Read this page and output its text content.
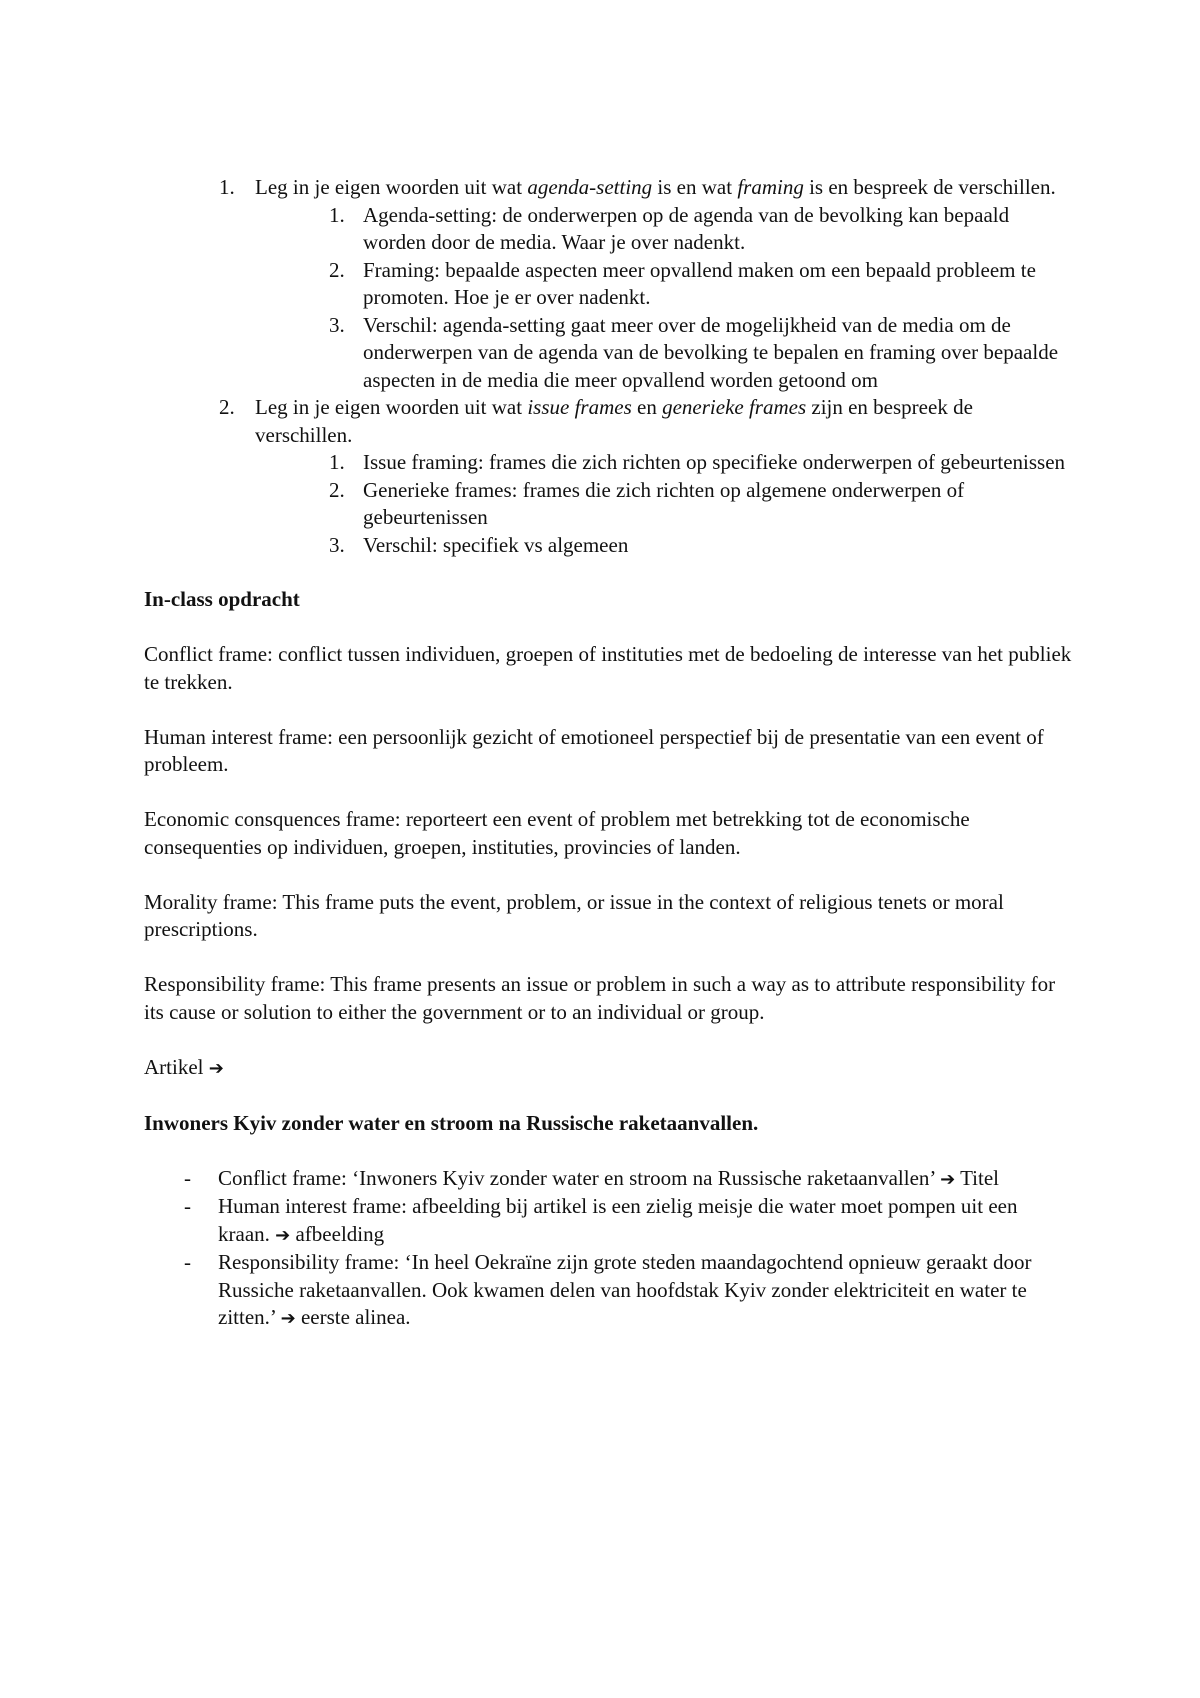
1. Leg in je eigen woorden uit wat agenda-setting is en wat framing is en bespreek de verschillen.
1. Agenda-setting: de onderwerpen op de agenda van de bevolking kan bepaald worden door de media. Waar je over nadenkt.
2. Framing: bepaalde aspecten meer opvallend maken om een bepaald probleem te promoten. Hoe je er over nadenkt.
3. Verschil: agenda-setting gaat meer over de mogelijkheid van de media om de onderwerpen van de agenda van de bevolking te bepalen en framing over bepaalde aspecten in de media die meer opvallend worden getoond om
2. Leg in je eigen woorden uit wat issue frames en generieke frames zijn en bespreek de verschillen.
1. Issue framing: frames die zich richten op specifieke onderwerpen of gebeurtenissen
2. Generieke frames: frames die zich richten op algemene onderwerpen of gebeurtenissen
3. Verschil: specifiek vs algemeen

In-class opdracht

Conflict frame: conflict tussen individuen, groepen of instituties met de bedoeling de interesse van het publiek te trekken.

Human interest frame: een persoonlijk gezicht of emotioneel perspectief bij de presentatie van een event of probleem.

Economic consquences frame: reporteert een event of problem met betrekking tot de economische consequenties op individuen, groepen, instituties, provincies of landen.

Morality frame: This frame puts the event, problem, or issue in the context of religious tenets or moral prescriptions.

Responsibility frame: This frame presents an issue or problem in such a way as to attribute responsibility for its cause or solution to either the government or to an individual or group.

Artikel ➔

Inwoners Kyiv zonder water en stroom na Russische raketaanvallen.

- Conflict frame: ‘Inwoners Kyiv zonder water en stroom na Russische raketaanvallen’ ➔ Titel
- Human interest frame: afbeelding bij artikel is een zielig meisje die water moet pompen uit een kraan. ➔ afbeelding
- Responsibility frame: ‘In heel Oekraïne zijn grote steden maandagochtend opnieuw geraakt door Russiche raketaanvallen. Ook kwamen delen van hoofdstak Kyiv zonder elektriciteit en water te zitten.’ ➔ eerste alinea.
